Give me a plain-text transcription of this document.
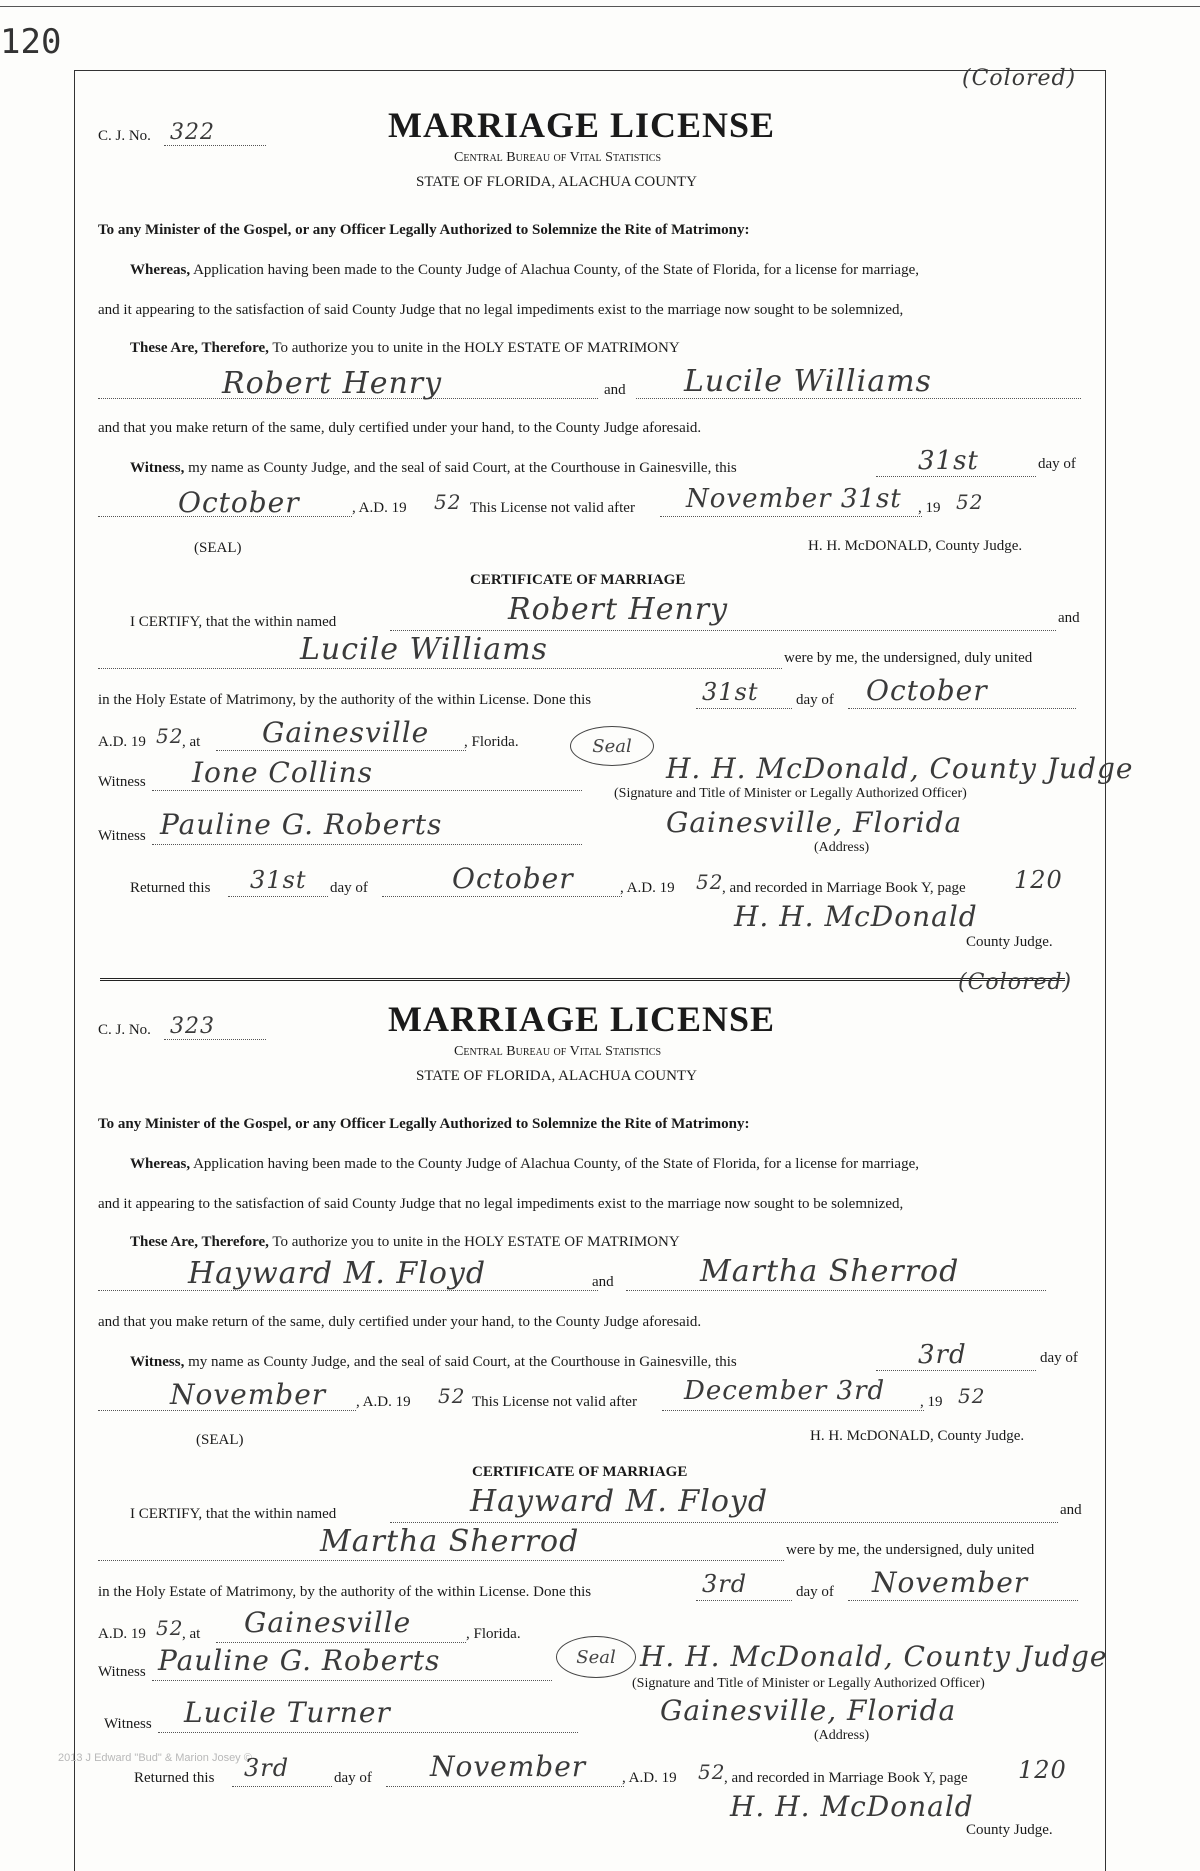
120
(Colored)
C. J. No. 322	MARRIAGE LICENSE
Central Bureau of Vital Statistics
STATE OF FLORIDA, ALACHUA COUNTY
To any Minister of the Gospel, or any Officer Legally Authorized to Solemnize the Rite of Matrimony:
Whereas, Application having been made to the County Judge of Alachua County, of the State of Florida, for a license for marriage,
and it appearing to the satisfaction of said County Judge that no legal impediments exist to the marriage now sought to be solemnized,
These Are, Therefore, To authorize you to unite in the HOLY ESTATE OF MATRIMONY
Robert Henry	and Lucile Williams
and that you make return of the same, duly certified under your hand, to the County Judge aforesaid.
Witness, my name as County Judge, and the seal of said Court, at the Courthouse in Gainesville, this	31st	day of
October	, A.D. 19 52 This License not valid after November 31st , 19 52
(SEAL)	H. H. McDONALD, County Judge.
CERTIFICATE OF MARRIAGE
I CERTIFY, that the within named	Robert Henry	and
Lucile Williams	were by me, the undersigned, duly united
in the Holy Estate of Matrimony, by the authority of the within License. Done this	31st	day of October
A.D. 19 52
, at Gainesville , Florida.	Seal
Witness Ione Collins	H. H. McDonald, County Judge
(Signature and Title of Minister or Legally Authorized Officer)
Witness Pauline G. Roberts	Gainesville, Florida
(Address)
Returned this 31st day of	October	, A.D. 19 52
, and recorded in Marriage Book Y, page 120
H. H. McDonald
County Judge.
(Colored)
C. J. No. 323	MARRIAGE LICENSE
Central Bureau of Vital Statistics
STATE OF FLORIDA, ALACHUA COUNTY
To any Minister of the Gospel, or any Officer Legally Authorized to Solemnize the Rite of Matrimony:
Whereas, Application having been made to the County Judge of Alachua County, of the State of Florida, for a license for marriage,
and it appearing to the satisfaction of said County Judge that no legal impediments exist to the marriage now sought to be solemnized,
These Are, Therefore, To authorize you to unite in the HOLY ESTATE OF MATRIMONY
Hayward M. Floyd	and	Martha Sherrod
and that you make return of the same, duly certified under your hand, to the County Judge aforesaid.
Witness, my name as County Judge, and the seal of said Court, at the Courthouse in Gainesville, this	3rd	day of
November , A.D. 19 52 This License not valid after December 3rd , 19 52
(SEAL)	H. H. McDONALD, County Judge.
CERTIFICATE OF MARRIAGE
I CERTIFY, that the within named	Hayward M. Floyd	and
Martha Sherrod	were by me, the undersigned, duly united
in the Holy Estate of Matrimony, by the authority of the within License. Done this	3rd	day of November
A.D. 19 52
, at Gainesville	, Florida.
Seal
Witness Pauline G. Roberts	H. H. McDonald, County Judge
(Signature and Title of Minister or Legally Authorized Officer)
Witness Lucile Turner	Gainesville, Florida
(Address)
2013 J Edward "Bud" & Marion Josey ©
Returned this 3rd	day of November , A.D. 19 52
, and recorded in Marriage Book Y, page 120
H. H. McDonald
County Judge.
